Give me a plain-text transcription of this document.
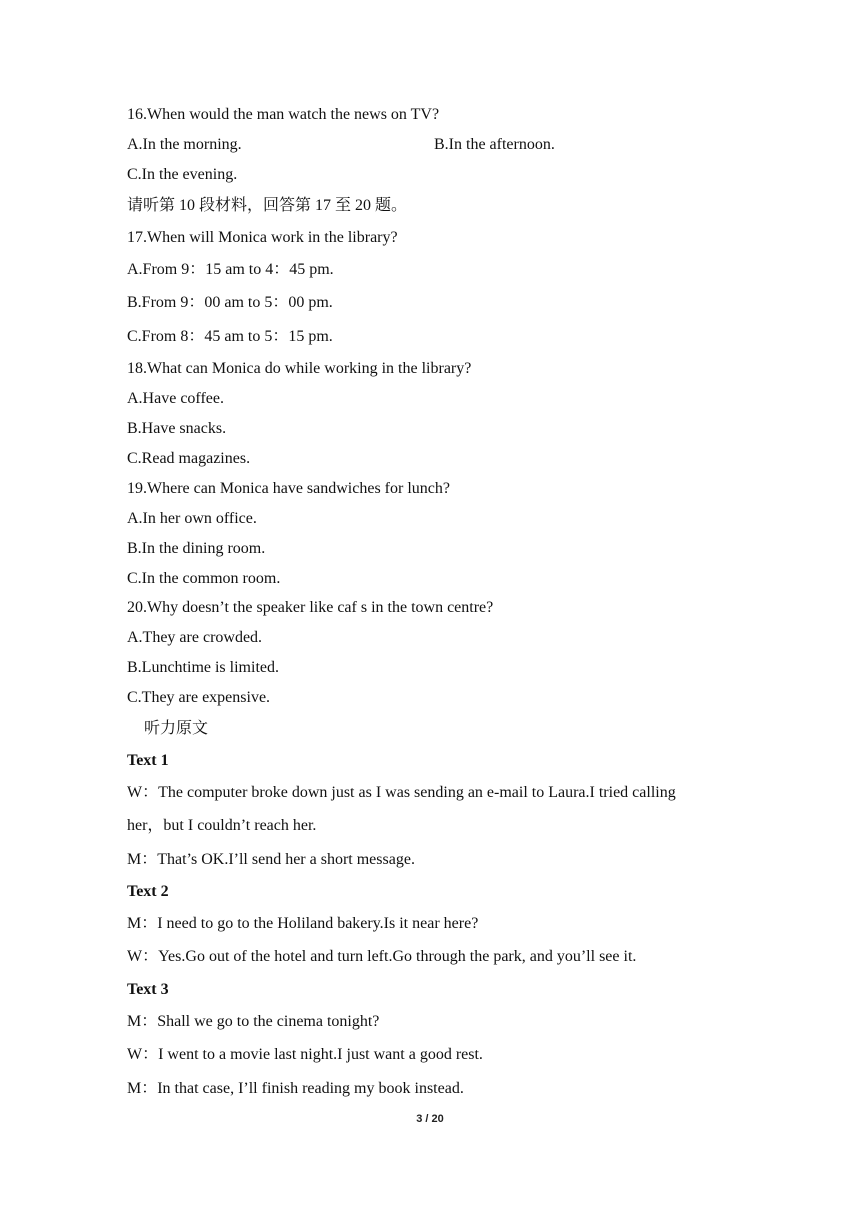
16.When would the man watch the news on TV?
A.In the morning.	B.In the afternoon.
C.In the evening.
请听第 10 段材料，回答第 17 至 20 题。
17.When will Monica work in the library?
A.From 9：15 am to 4：45 pm.
B.From 9：00 am to 5：00 pm.
C.From 8：45 am to 5：15 pm.
18.What can Monica do while working in the library?
A.Have coffee.
B.Have snacks.
C.Read magazines.
19.Where can Monica have sandwiches for lunch?
A.In her own office.
B.In the dining room.
C.In the common room.
20.Why doesn’t the speaker like caf s in the town centre?
A.They are crowded.
B.Lunchtime is limited.
C.They are expensive.
听力原文
Text 1
W：The computer broke down just as I was sending an e-mail to Laura.I tried calling
her，but I couldn’t reach her.
M：That’s OK.I’ll send her a short message.
Text 2
M：I need to go to the Holiland bakery.Is it near here?
W：Yes.Go out of the hotel and turn left.Go through the park, and you’ll see it.
Text 3
M：Shall we go to the cinema tonight?
W：I went to a movie last night.I just want a good rest.
M：In that case, I’ll finish reading my book instead.
3 / 20
